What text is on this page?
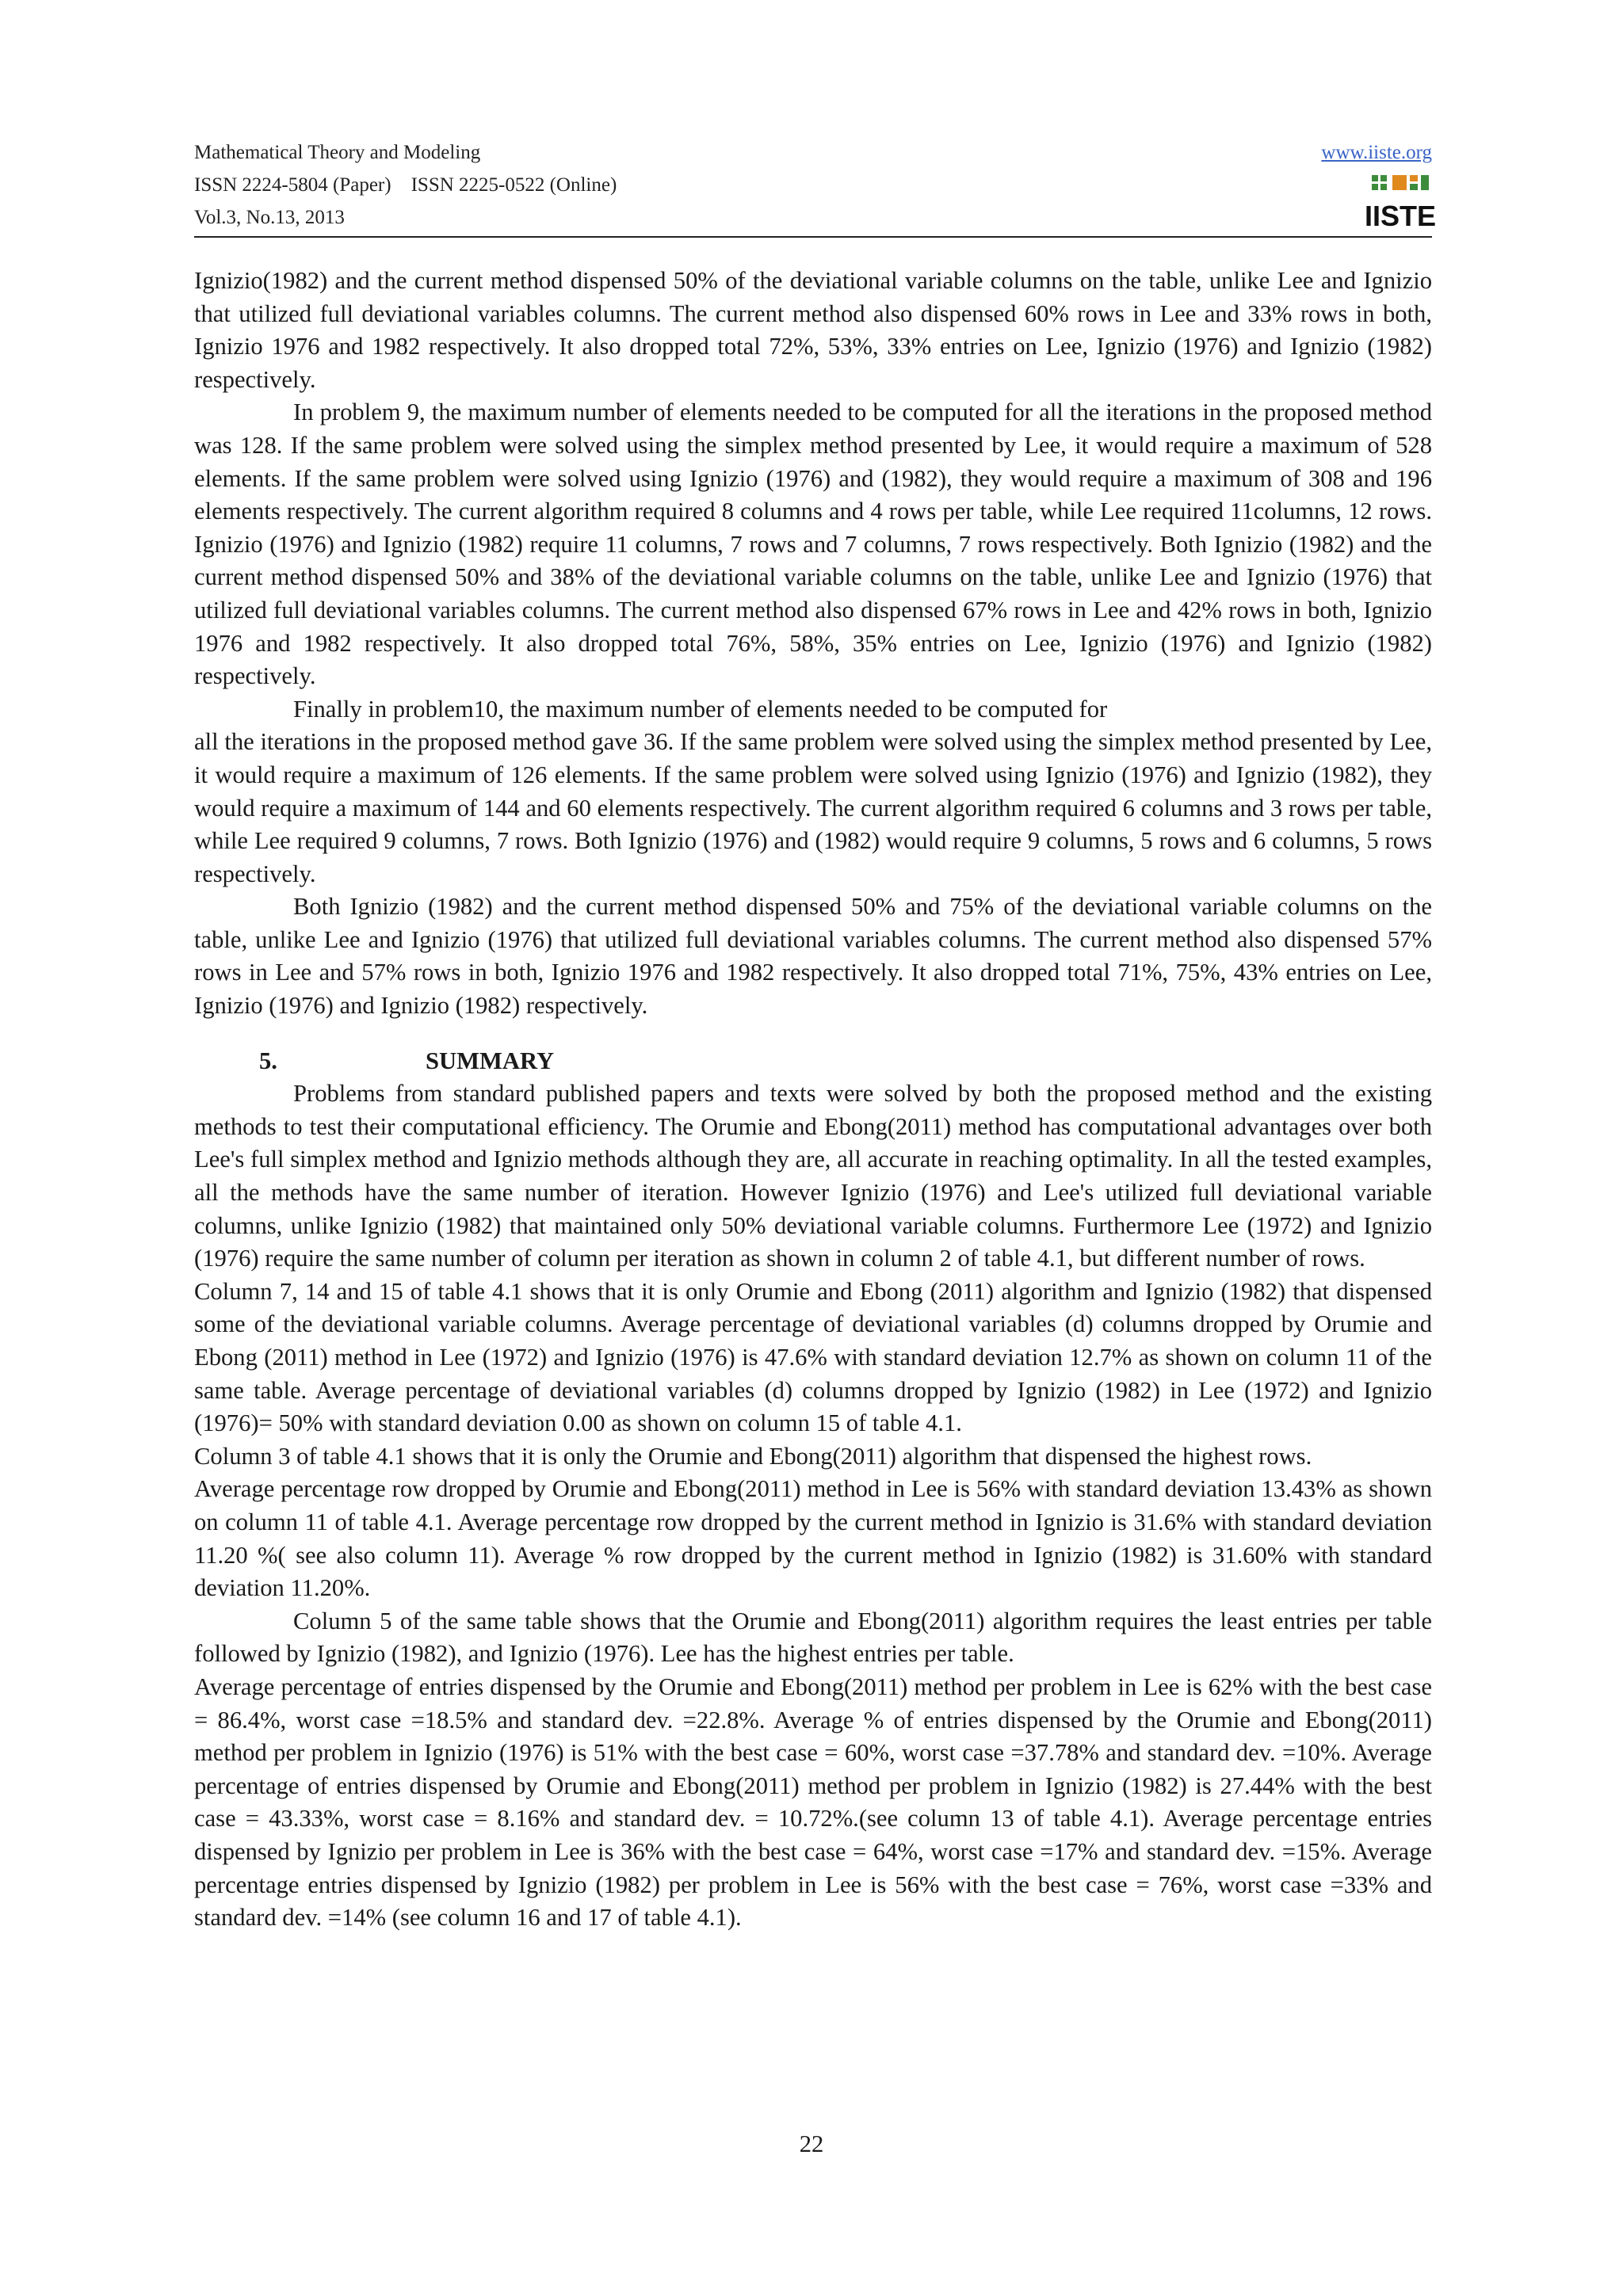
Mathematical Theory and Modeling
ISSN 2224-5804 (Paper)    ISSN 2225-0522 (Online)
Vol.3, No.13, 2013
www.iiste.org
IISTE

Ignizio(1982) and the current method dispensed 50% of the deviational variable columns on the table, unlike Lee and Ignizio that utilized full deviational variables columns. The current method also dispensed 60% rows in Lee and 33% rows in both, Ignizio 1976 and 1982 respectively. It also dropped total 72%, 53%, 33% entries on Lee, Ignizio (1976) and Ignizio (1982) respectively.

In problem 9, the maximum number of elements needed to be computed for all the iterations in the proposed method was 128. If the same problem were solved using the simplex method presented by Lee, it would require a maximum of 528 elements. If the same problem were solved using Ignizio (1976) and (1982), they would require a maximum of 308 and 196 elements respectively. The current algorithm required 8 columns and 4 rows per table, while Lee required 11columns, 12 rows. Ignizio (1976) and Ignizio (1982) require 11 columns, 7 rows and 7 columns, 7 rows respectively. Both Ignizio (1982) and the current method dispensed 50% and 38% of the deviational variable columns on the table, unlike Lee and Ignizio (1976) that utilized full deviational variables columns. The current method also dispensed 67% rows in Lee and 42% rows in both, Ignizio 1976 and 1982 respectively. It also dropped total 76%, 58%, 35% entries on Lee, Ignizio (1976) and Ignizio (1982) respectively.

Finally in problem10, the maximum number of elements needed to be computed for

all the iterations in the proposed method gave 36. If the same problem were solved using the simplex method presented by Lee, it would require a maximum of 126 elements. If the same problem were solved using Ignizio (1976) and Ignizio (1982), they would require a maximum of 144 and 60 elements respectively. The current algorithm required 6 columns and 3 rows per table, while Lee required 9 columns, 7 rows. Both Ignizio (1976) and (1982) would require 9 columns, 5 rows and 6 columns, 5 rows respectively.

Both Ignizio (1982) and the current method dispensed 50% and 75% of the deviational variable columns on the table, unlike Lee and Ignizio (1976) that utilized full deviational variables columns. The current method also dispensed 57% rows in Lee and 57% rows in both, Ignizio 1976 and 1982 respectively. It also dropped total 71%, 75%, 43% entries on Lee, Ignizio (1976) and Ignizio (1982) respectively.

5.	SUMMARY

Problems from standard published papers and texts were solved by both the proposed method and the existing methods to test their computational efficiency. The Orumie and Ebong(2011) method has computational advantages over both Lee's full simplex method and Ignizio methods although they are, all accurate in reaching optimality. In all the tested examples, all the methods have the same number of iteration. However Ignizio (1976) and Lee's utilized full deviational variable columns, unlike Ignizio (1982) that maintained only 50% deviational variable columns. Furthermore Lee (1972) and Ignizio (1976) require the same number of column per iteration as shown in column 2 of table 4.1, but different number of rows.

Column 7, 14 and 15 of table 4.1 shows that it is only Orumie and Ebong (2011) algorithm and Ignizio (1982) that dispensed some of the deviational variable columns. Average percentage of deviational variables (d) columns dropped by Orumie and Ebong (2011) method in Lee (1972) and Ignizio (1976) is 47.6% with standard deviation 12.7% as shown on column 11 of the same table. Average percentage of deviational variables (d) columns dropped by Ignizio (1982) in Lee (1972) and Ignizio (1976)= 50% with standard deviation 0.00 as shown on column 15 of table 4.1.

Column 3 of table 4.1 shows that it is only the Orumie and Ebong(2011) algorithm that dispensed the highest rows.

Average percentage row dropped by Orumie and Ebong(2011) method in Lee is 56% with standard deviation 13.43% as shown on column 11 of table 4.1. Average percentage row dropped by the current method in Ignizio is 31.6% with standard deviation 11.20 %( see also column 11). Average % row dropped by the current method in Ignizio (1982) is 31.60% with standard deviation 11.20%.

Column 5 of the same table shows that the Orumie and Ebong(2011) algorithm requires the least entries per table followed by Ignizio (1982), and Ignizio (1976). Lee has the highest entries per table.

Average percentage of entries dispensed by the Orumie and Ebong(2011) method per problem in Lee is 62% with the best case = 86.4%, worst case =18.5% and standard dev. =22.8%. Average % of entries dispensed by the Orumie and Ebong(2011) method per problem in Ignizio (1976) is 51% with the best case = 60%, worst case =37.78% and standard dev. =10%. Average percentage of entries dispensed by Orumie and Ebong(2011) method per problem in Ignizio (1982) is 27.44% with the best case = 43.33%, worst case = 8.16% and standard dev. = 10.72%.(see column 13 of table 4.1). Average percentage entries dispensed by Ignizio per problem in Lee is 36% with the best case = 64%, worst case =17% and standard dev. =15%. Average percentage entries dispensed by Ignizio (1982) per problem in Lee is 56% with the best case = 76%, worst case =33% and standard dev. =14% (see column 16 and 17 of table 4.1).

22
